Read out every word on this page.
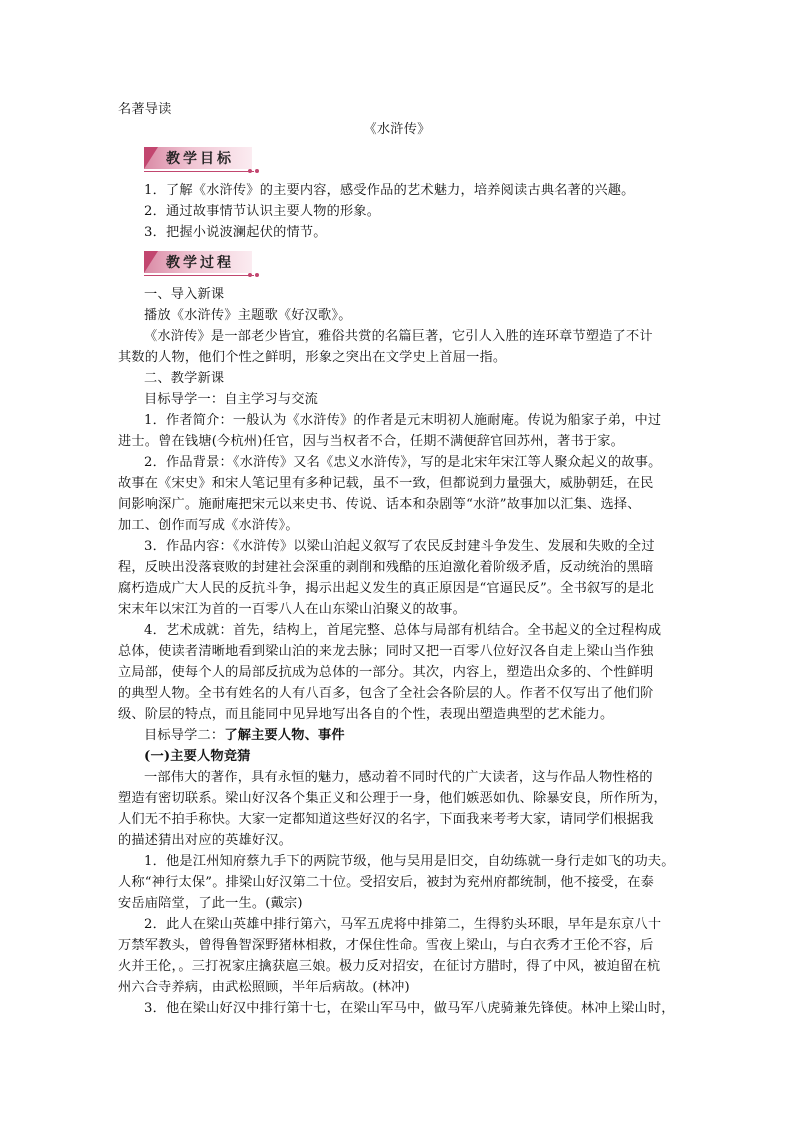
名著导读
《水浒传》
教学目标
1．了解《水浒传》的主要内容，感受作品的艺术魅力，培养阅读古典名著的兴趣。
2．通过故事情节认识主要人物的形象。
3．把握小说波澜起伏的情节。
教学过程
一、导入新课
播放《水浒传》主题歌《好汉歌》。
《水浒传》是一部老少皆宜，雅俗共赏的名篇巨著，它引人入胜的连环章节塑造了不计
其数的人物，他们个性之鲜明，形象之突出在文学史上首屈一指。
二、教学新课
目标导学一：自主学习与交流
1．作者简介：一般认为《水浒传》的作者是元末明初人施耐庵。传说为船家子弟，中过
进士。曾在钱塘(今杭州)任官，因与当权者不合，任期不满便辞官回苏州，著书于家。
2．作品背景：《水浒传》又名《忠义水浒传》，写的是北宋年宋江等人聚众起义的故事。
故事在《宋史》和宋人笔记里有多种记载，虽不一致，但都说到力量强大，威胁朝廷，在民
间影响深广。施耐庵把宋元以来史书、传说、话本和杂剧等“水浒”故事加以汇集、选择、
加工、创作而写成《水浒传》。
3．作品内容：《水浒传》以梁山泊起义叙写了农民反封建斗争发生、发展和失败的全过
程，反映出没落衰败的封建社会深重的剥削和残酷的压迫激化着阶级矛盾，反动统治的黑暗
腐朽造成广大人民的反抗斗争，揭示出起义发生的真正原因是“官逼民反”。全书叙写的是北
宋末年以宋江为首的一百零八人在山东梁山泊聚义的故事。
4．艺术成就：首先，结构上，首尾完整、总体与局部有机结合。全书起义的全过程构成
总体，使读者清晰地看到梁山泊的来龙去脉；同时又把一百零八位好汉各自走上梁山当作独
立局部，使每个人的局部反抗成为总体的一部分。其次，内容上，塑造出众多的、个性鲜明
的典型人物。全书有姓名的人有八百多，包含了全社会各阶层的人。作者不仅写出了他们阶
级、阶层的特点，而且能同中见异地写出各自的个性，表现出塑造典型的艺术能力。
目标导学二：了解主要人物、事件
(一)主要人物竞猜
一部伟大的著作，具有永恒的魅力，感动着不同时代的广大读者，这与作品人物性格的
塑造有密切联系。梁山好汉各个集正义和公理于一身，他们嫉恶如仇、除暴安良，所作所为，
人们无不拍手称快。大家一定都知道这些好汉的名字，下面我来考考大家，请同学们根据我
的描述猜出对应的英雄好汉。
1．他是江州知府蔡九手下的两院节级，他与吴用是旧交，自幼练就一身行走如飞的功夫。
人称“神行太保”。排梁山好汉第二十位。受招安后，被封为兖州府都统制，他不接受，在泰
安岳庙陪堂，了此一生。(戴宗)
2．此人在梁山英雄中排行第六，马军五虎将中排第二，生得豹头环眼，早年是东京八十
万禁军教头，曾得鲁智深野猪林相救，才保住性命。雪夜上梁山，与白衣秀才王伦不容，后
火并王伦，。三打祝家庄擒获扈三娘。极力反对招安，在征讨方腊时，得了中风，被迫留在杭
州六合寺养病，由武松照顾，半年后病故。(林冲)
3．他在梁山好汉中排行第十七，在梁山军马中，做马军八虎骑兼先锋使。林冲上梁山时，
